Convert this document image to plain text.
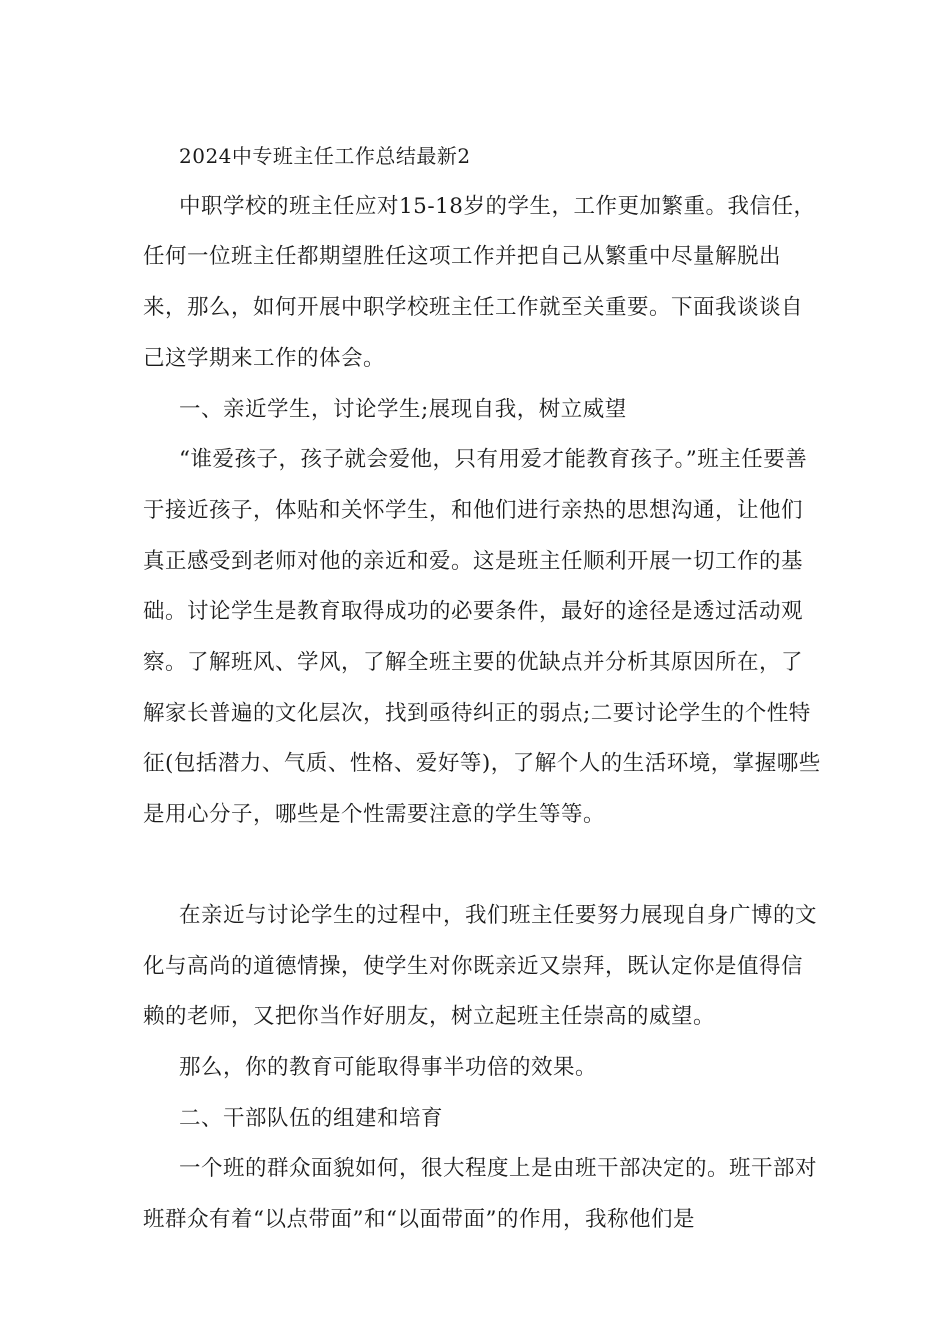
2024中专班主任工作总结最新2

中职学校的班主任应对15-18岁的学生，工作更加繁重。我信任，任何一位班主任都期望胜任这项工作并把自己从繁重中尽量解脱出来，那么，如何开展中职学校班主任工作就至关重要。下面我谈谈自己这学期来工作的体会。

一、亲近学生，讨论学生;展现自我，树立威望

“谁爱孩子，孩子就会爱他，只有用爱才能教育孩子。”班主任要善于接近孩子，体贴和关怀学生，和他们进行亲热的思想沟通，让他们真正感受到老师对他的亲近和爱。这是班主任顺利开展一切工作的基础。讨论学生是教育取得成功的必要条件，最好的途径是透过活动观察。了解班风、学风，了解全班主要的优缺点并分析其原因所在，了解家长普遍的文化层次，找到亟待纠正的弱点;二要讨论学生的个性特征(包括潜力、气质、性格、爱好等)，了解个人的生活环境，掌握哪些是用心分子，哪些是个性需要注意的学生等等。

在亲近与讨论学生的过程中，我们班主任要努力展现自身广博的文化与高尚的道德情操，使学生对你既亲近又崇拜，既认定你是值得信赖的老师，又把你当作好朋友，树立起班主任崇高的威望。

那么，你的教育可能取得事半功倍的效果。

二、干部队伍的组建和培育

一个班的群众面貌如何，很大程度上是由班干部决定的。班干部对班群众有着“以点带面”和“以面带面”的作用，我称他们是
